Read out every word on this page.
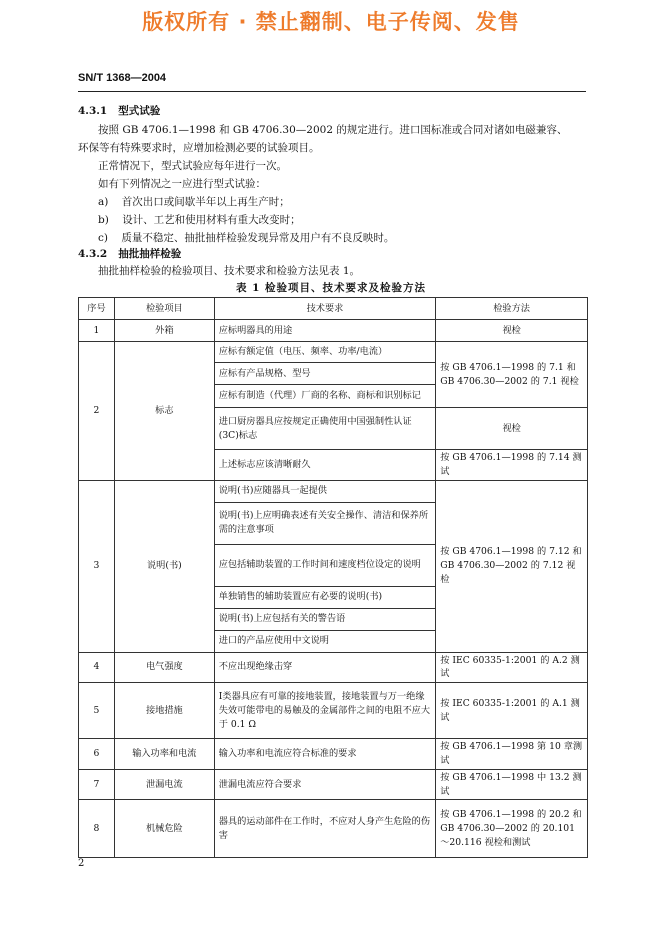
版权所有 · 禁止翻制、电子传阅、发售
SN/T 1368—2004
4.3.1 型式试验
按照 GB 4706.1—1998 和 GB 4706.30—2002 的规定进行。进口国标准或合同对诸如电磁兼容、
环保等有特殊要求时，应增加检测必要的试验项目。
正常情况下，型式试验应每年进行一次。
如有下列情况之一应进行型式试验：
a) 首次出口或间歇半年以上再生产时；
b) 设计、工艺和使用材料有重大改变时；
c) 质量不稳定、抽批抽样检验发现异常及用户有不良反映时。
4.3.2 抽批抽样检验
抽批抽样检验的检验项目、技术要求和检验方法见表 1。
表 1 检验项目、技术要求及检验方法
序号	检验项目	技术要求	检验方法
1	外箱	应标明器具的用途	视检
2	标志	应标有额定值（电压、频率、功率/电流）	按 GB 4706.1—1998 的 7.1 和 GB 4706.30—2002 的 7.1 视检
		应标有产品规格、型号	
		应标有制造（代理）厂商的名称、商标和识别标记	
		进口厨房器具应按规定正确使用中国强制性认证(3C)标志	视检
		上述标志应该清晰耐久	按 GB 4706.1—1998 的 7.14 测试
3	说明(书)	说明(书)应随器具一起提供	按 GB 4706.1—1998 的 7.12 和 GB 4706.30—2002 的 7.12 视检
		说明(书)上应明确表述有关安全操作、清洁和保养所需的注意事项	
		应包括辅助装置的工作时间和速度档位设定的说明	
		单独销售的辅助装置应有必要的说明(书)	
		说明(书)上应包括有关的警告语	
		进口的产品应使用中文说明	
4	电气强度	不应出现绝缘击穿	按 IEC 60335-1:2001 的 A.2 测试
5	接地措施	Ⅰ类器具应有可靠的接地装置，接地装置与万一绝缘失效可能带电的易触及的金属部件之间的电阻不应大于 0.1 Ω	按 IEC 60335-1:2001 的 A.1 测试
6	输入功率和电流	输入功率和电流应符合标准的要求	按 GB 4706.1—1998 第 10 章测试
7	泄漏电流	泄漏电流应符合要求	按 GB 4706.1—1998 中 13.2 测试
8	机械危险	器具的运动部件在工作时，不应对人身产生危险的伤害	按 GB 4706.1—1998 的 20.2 和 GB 4706.30—2002 的 20.101～20.116 视检和测试
2
